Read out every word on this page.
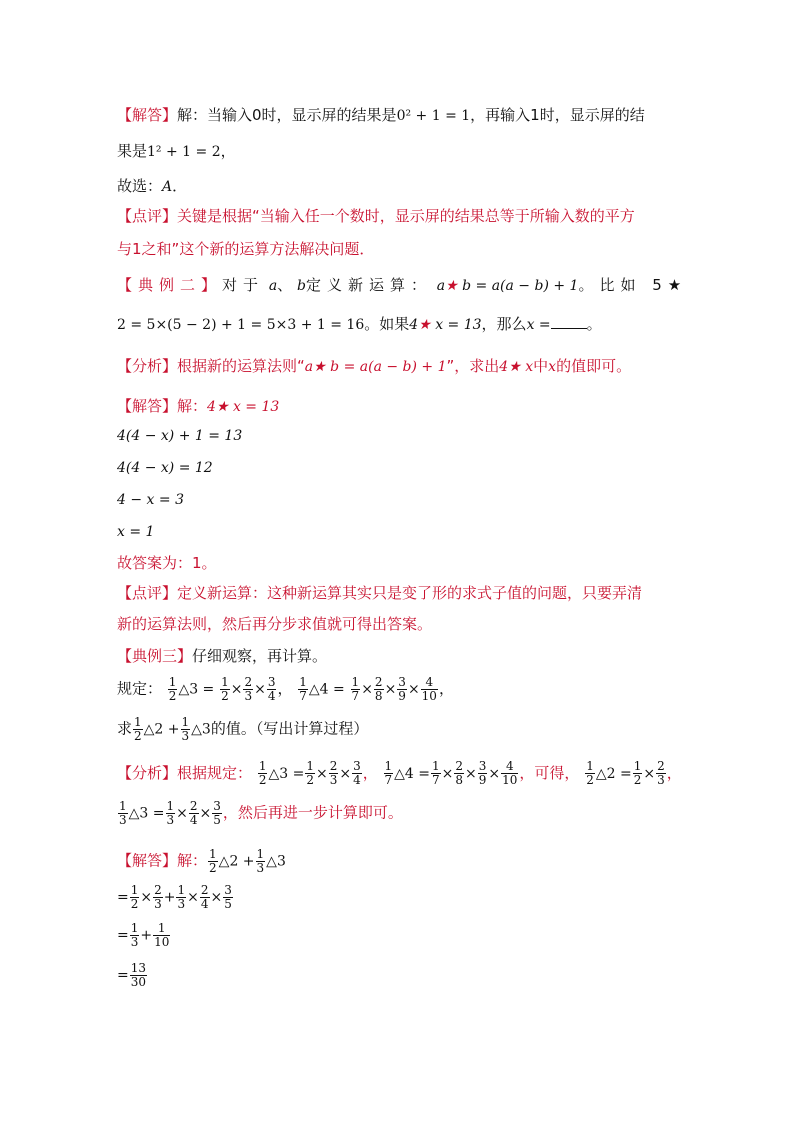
【解答】解：当输入0时，显示屏的结果是0² + 1 = 1，再输入1时，显示屏的结
果是1² + 1 = 2，
故选：A．
【点评】关键是根据“当输入任一个数时，显示屏的结果总等于所输入数的平方
与1之和”这个新的运算方法解决问题．
【典例二】对于 a、 b定义新运算： a★ b = a(a − b) + 1。比如 5★
2 = 5×(5 − 2) + 1 = 5×3 + 1 = 16。如果4★ x = 13，那么x = 。
【分析】根据新的运算法则“a★ b = a(a − b) + 1”，求出4★ x中x的值即可。
【解答】解：4★ x = 13
4(4 − x) + 1 = 13
4(4 − x) = 12
4 − x = 3
x = 1
故答案为：1。
【点评】定义新运算：这种新运算其实只是变了形的求式子值的问题，只要弄清
新的运算法则，然后再分步求值就可得出答案。
【典例三】仔细观察，再计算。
规定： $\frac{1}{2}$ △3 = $\frac{1}{2} \times \frac{2}{3} \times \frac{3}{4}$ ， $\frac{1}{7}$ △4 = $\frac{1}{7} \times \frac{2}{8} \times \frac{3}{9} \times \frac{4}{10}$ ，
求 $\frac{1}{2}$ △2 + $\frac{1}{3}$ △3的值。（写出计算过程）
【分析】根据规定： $\frac{1}{2}$ △3 = $\frac{1}{2} \times \frac{2}{3} \times \frac{3}{4}$ ， $\frac{1}{7}$ △4 = $\frac{1}{7} \times \frac{2}{8} \times \frac{3}{9} \times \frac{4}{10}$ ，可得， $\frac{1}{2}$ △2 = $\frac{1}{2} \times \frac{2}{3}$ ，
$\frac{1}{3}$ △3 = $\frac{1}{3} \times \frac{2}{4} \times \frac{3}{5}$ ，然后再进一步计算即可。
【解答】解： $\frac{1}{2}$ △2 + $\frac{1}{3}$ △3
= $\frac{1}{2} \times \frac{2}{3} + \frac{1}{3} \times \frac{2}{4} \times \frac{3}{5}$
= $\frac{1}{3} + \frac{1}{10}$
= $\frac{13}{30}$
